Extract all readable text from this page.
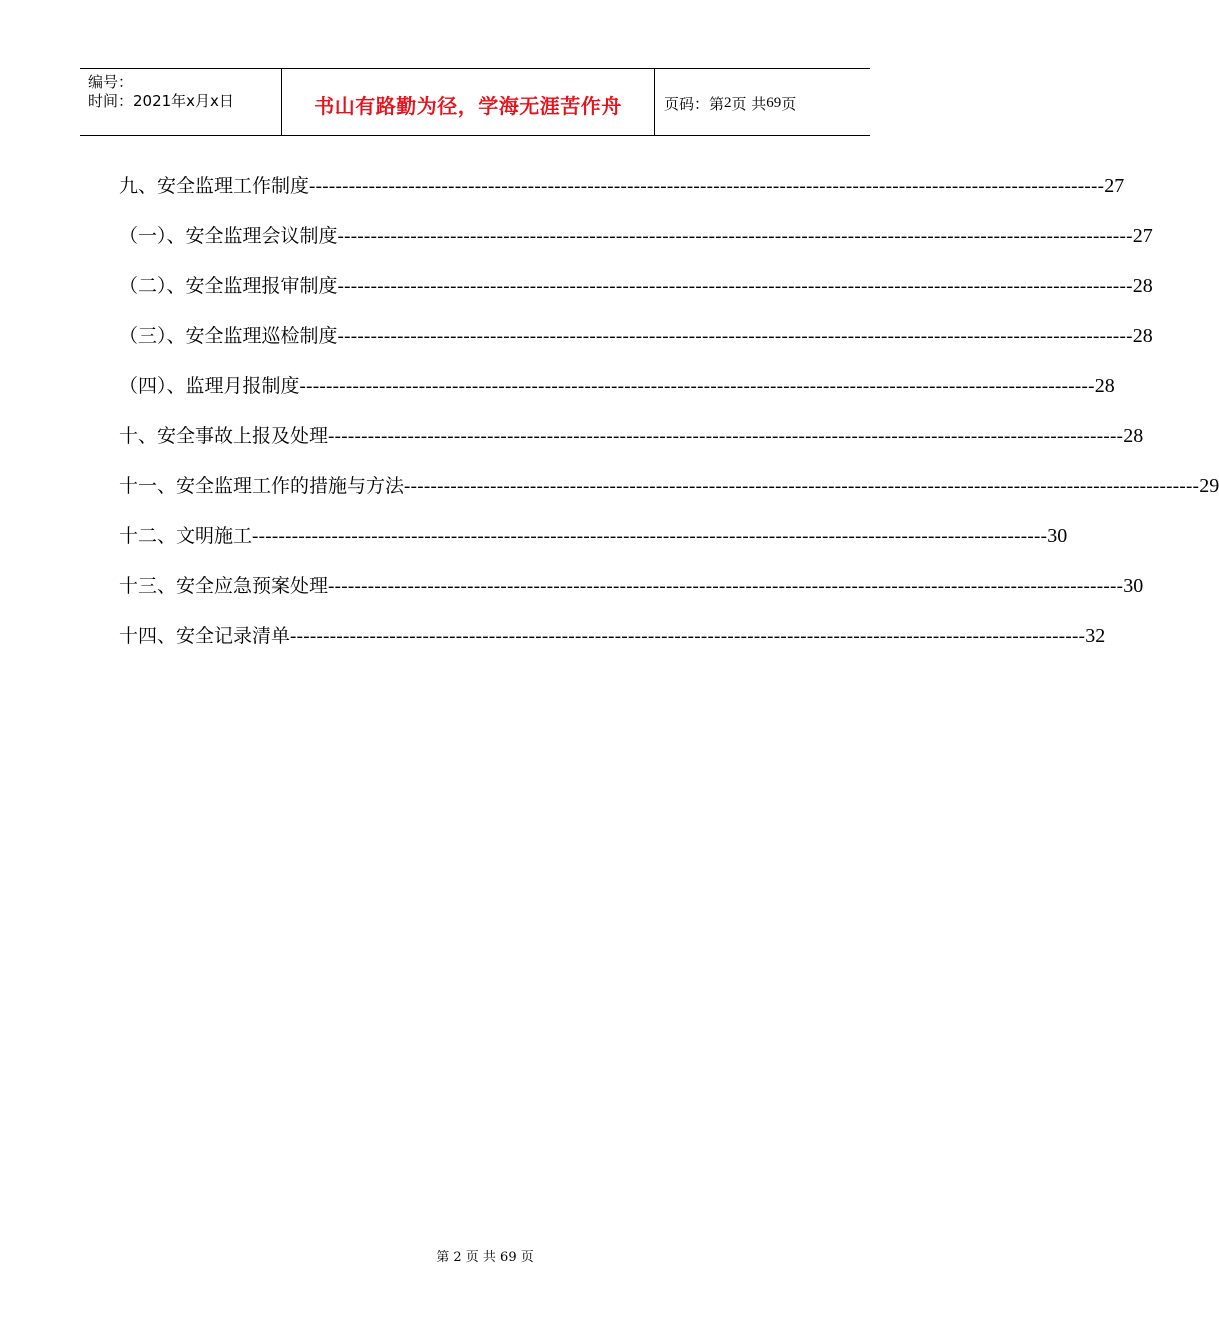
编号：
时间：2021年x月x日	书山有路勤为径，学海无涯苦作舟	页码：第 2 页 共 69 页
九、安全监理工作制度 ------------------------------------------------------------------------------------------------------------------------ 27
（一）、安全监理会议制度 ------------------------------------------------------------------------------------------------------------------------ 27
（二）、安全监理报审制度 ------------------------------------------------------------------------------------------------------------------------ 28
（三）、安全监理巡检制度 ------------------------------------------------------------------------------------------------------------------------ 28
（四）、监理月报制度 ------------------------------------------------------------------------------------------------------------------------ 28
十、安全事故上报及处理 ------------------------------------------------------------------------------------------------------------------------ 28
十一、安全监理工作的措施与方法 ------------------------------------------------------------------------------------------------------------------------ 29
十二、文明施工 ------------------------------------------------------------------------------------------------------------------------ 30
十三、安全应急预案处理 ------------------------------------------------------------------------------------------------------------------------ 30
十四、安全记录清单 ------------------------------------------------------------------------------------------------------------------------ 32
第 2 页 共 69 页
